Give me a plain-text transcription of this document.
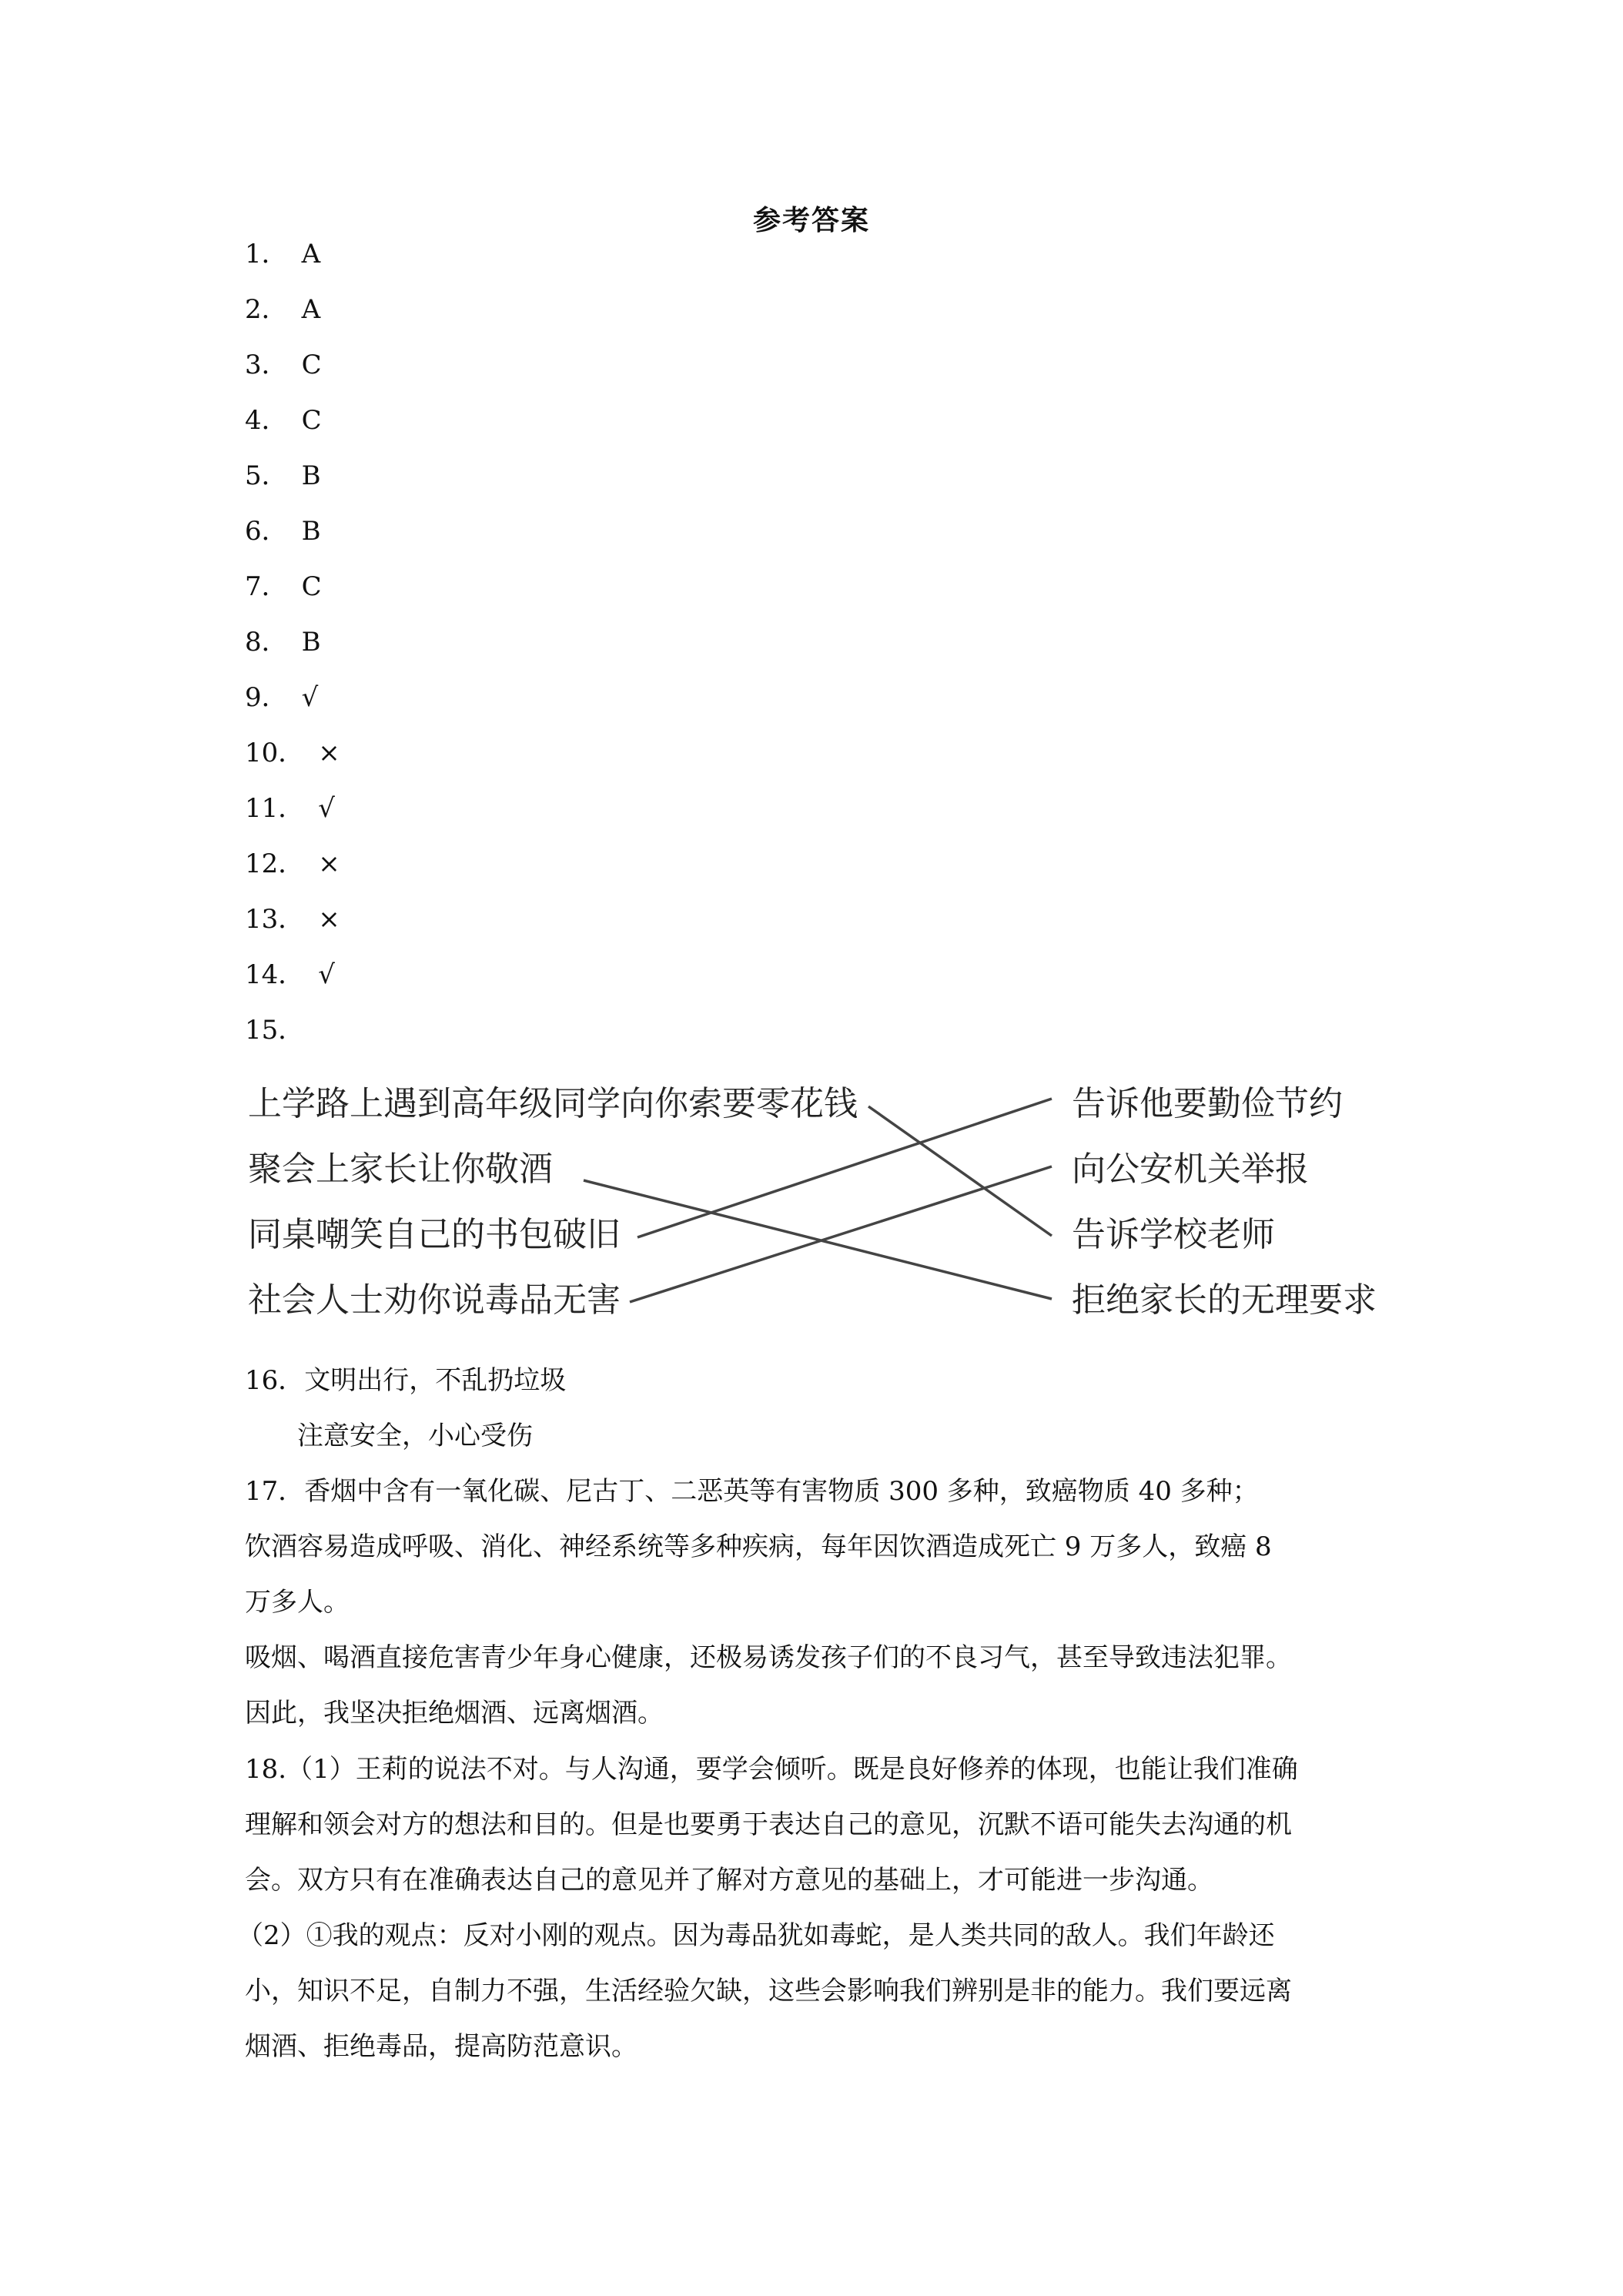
参考答案
1． A
2． A
3． C
4． C
5． B
6． B
7． C
8． B
9． √
10． ×
11． √
12． ×
13． ×
14． √
15．
上学路上遇到高年级同学向你索要零花钱
聚会上家长让你敬酒
同桌嘲笑自己的书包破旧
社会人士劝你说毒品无害
告诉他要勤俭节约
向公安机关举报
告诉学校老师
拒绝家长的无理要求

16．文明出行，不乱扔垃圾

注意安全，小心受伤

17．香烟中含有一氧化碳、尼古丁、二恶英等有害物质 300 多种，致癌物质 40 多种；

饮酒容易造成呼吸、消化、神经系统等多种疾病，每年因饮酒造成死亡 9 万多人，致癌 8

万多人。

吸烟、喝酒直接危害青少年身心健康，还极易诱发孩子们的不良习气，甚至导致违法犯罪。

因此，我坚决拒绝烟酒、远离烟酒。

18.（1）王莉的说法不对。与人沟通，要学会倾听。既是良好修养的体现，也能让我们准确

理解和领会对方的想法和目的。但是也要勇于表达自己的意见，沉默不语可能失去沟通的机

会。双方只有在准确表达自己的意见并了解对方意见的基础上，才可能进一步沟通。

（2）①我的观点：反对小刚的观点。因为毒品犹如毒蛇，是人类共同的敌人。我们年龄还

小，知识不足，自制力不强，生活经验欠缺，这些会影响我们辨别是非的能力。我们要远离

烟酒、拒绝毒品，提高防范意识。
